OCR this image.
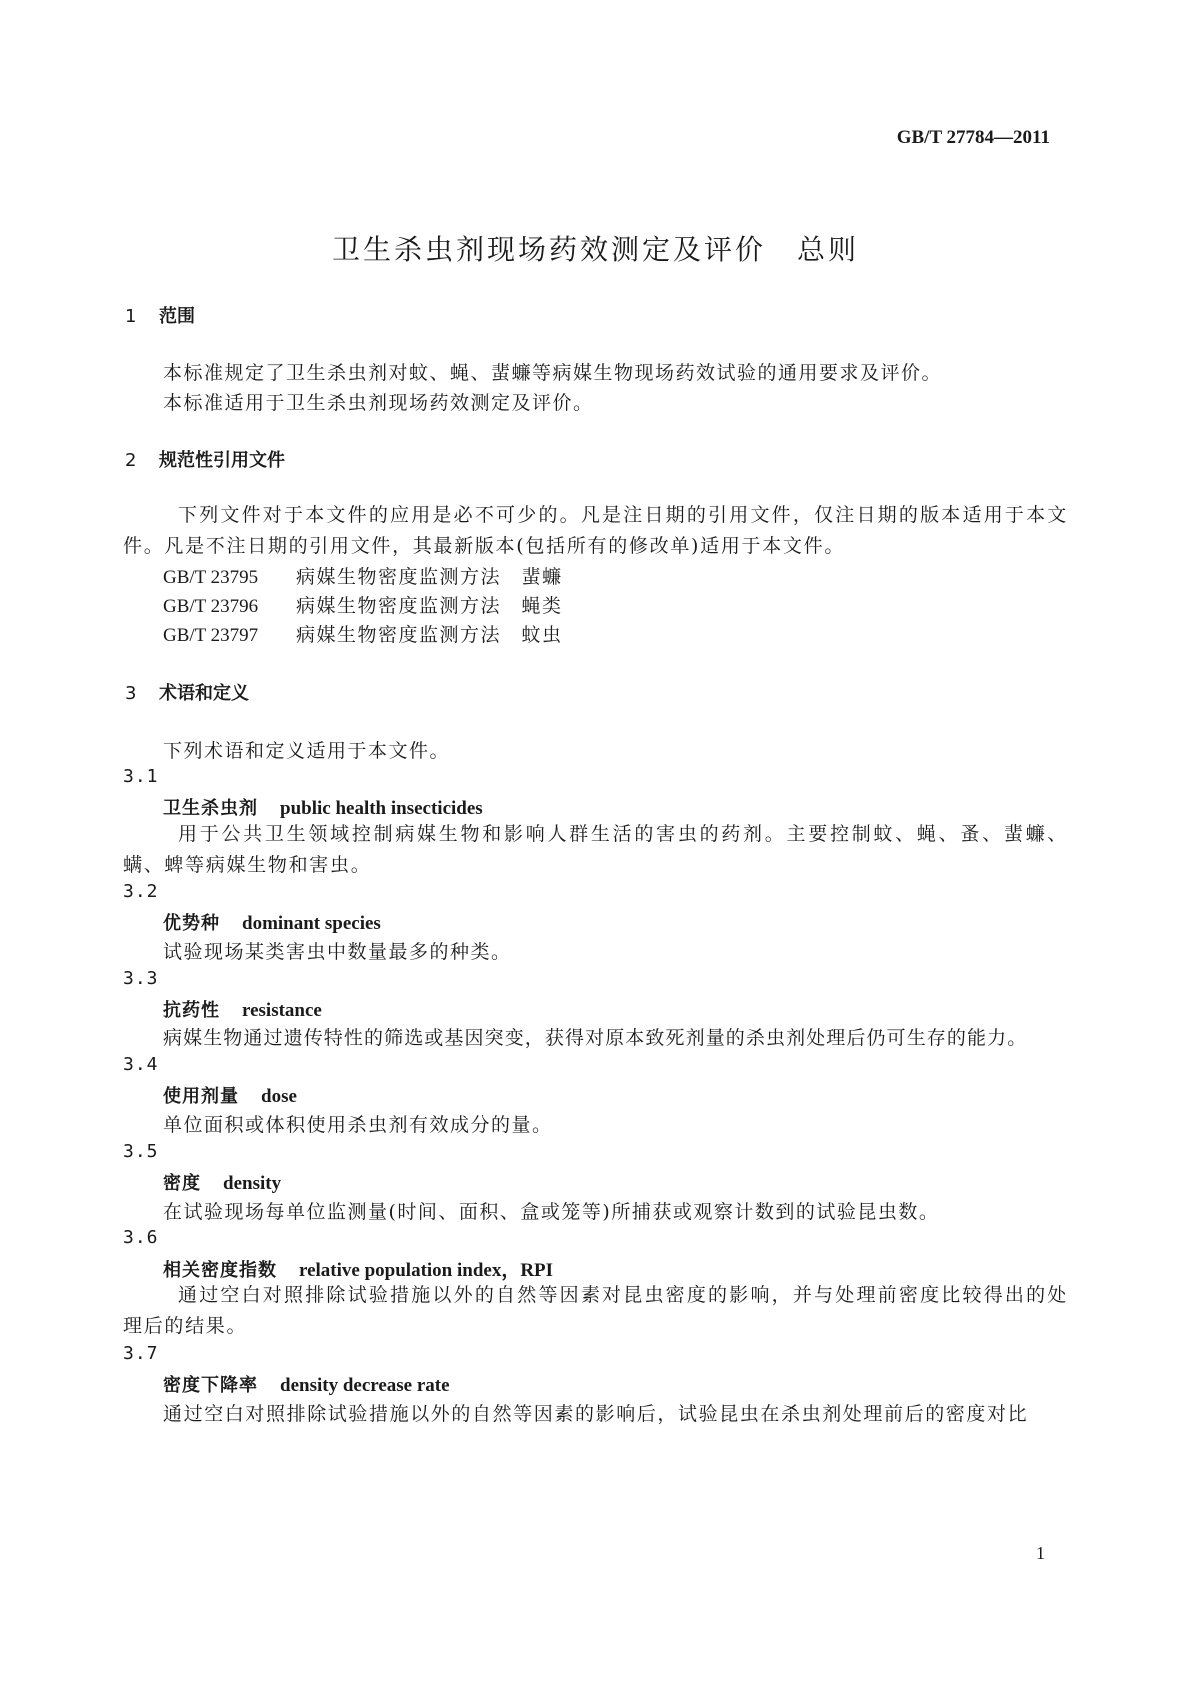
GB/T 27784—2011
卫生杀虫剂现场药效测定及评价　总则
1 范围
本标准规定了卫生杀虫剂对蚊、蝇、蜚蠊等病媒生物现场药效试验的通用要求及评价。
本标准适用于卫生杀虫剂现场药效测定及评价。
2 规范性引用文件
下列文件对于本文件的应用是必不可少的。凡是注日期的引用文件，仅注日期的版本适用于本文件。凡是不注日期的引用文件，其最新版本(包括所有的修改单)适用于本文件。
GB/T 23795 病媒生物密度监测方法　蜚蠊
GB/T 23796 病媒生物密度监测方法　蝇类
GB/T 23797 病媒生物密度监测方法　蚊虫
3 术语和定义
下列术语和定义适用于本文件。
3.1
卫生杀虫剂 public health insecticides
用于公共卫生领域控制病媒生物和影响人群生活的害虫的药剂。主要控制蚊、蝇、蚤、蜚蠊、螨、蜱等病媒生物和害虫。
3.2
优势种 dominant species
试验现场某类害虫中数量最多的种类。
3.3
抗药性 resistance
病媒生物通过遗传特性的筛选或基因突变，获得对原本致死剂量的杀虫剂处理后仍可生存的能力。
3.4
使用剂量 dose
单位面积或体积使用杀虫剂有效成分的量。
3.5
密度 density
在试验现场每单位监测量(时间、面积、盒或笼等)所捕获或观察计数到的试验昆虫数。
3.6
相关密度指数 relative population index，RPI
通过空白对照排除试验措施以外的自然等因素对昆虫密度的影响，并与处理前密度比较得出的处理后的结果。
3.7
密度下降率 density decrease rate
通过空白对照排除试验措施以外的自然等因素的影响后，试验昆虫在杀虫剂处理前后的密度对比
1
